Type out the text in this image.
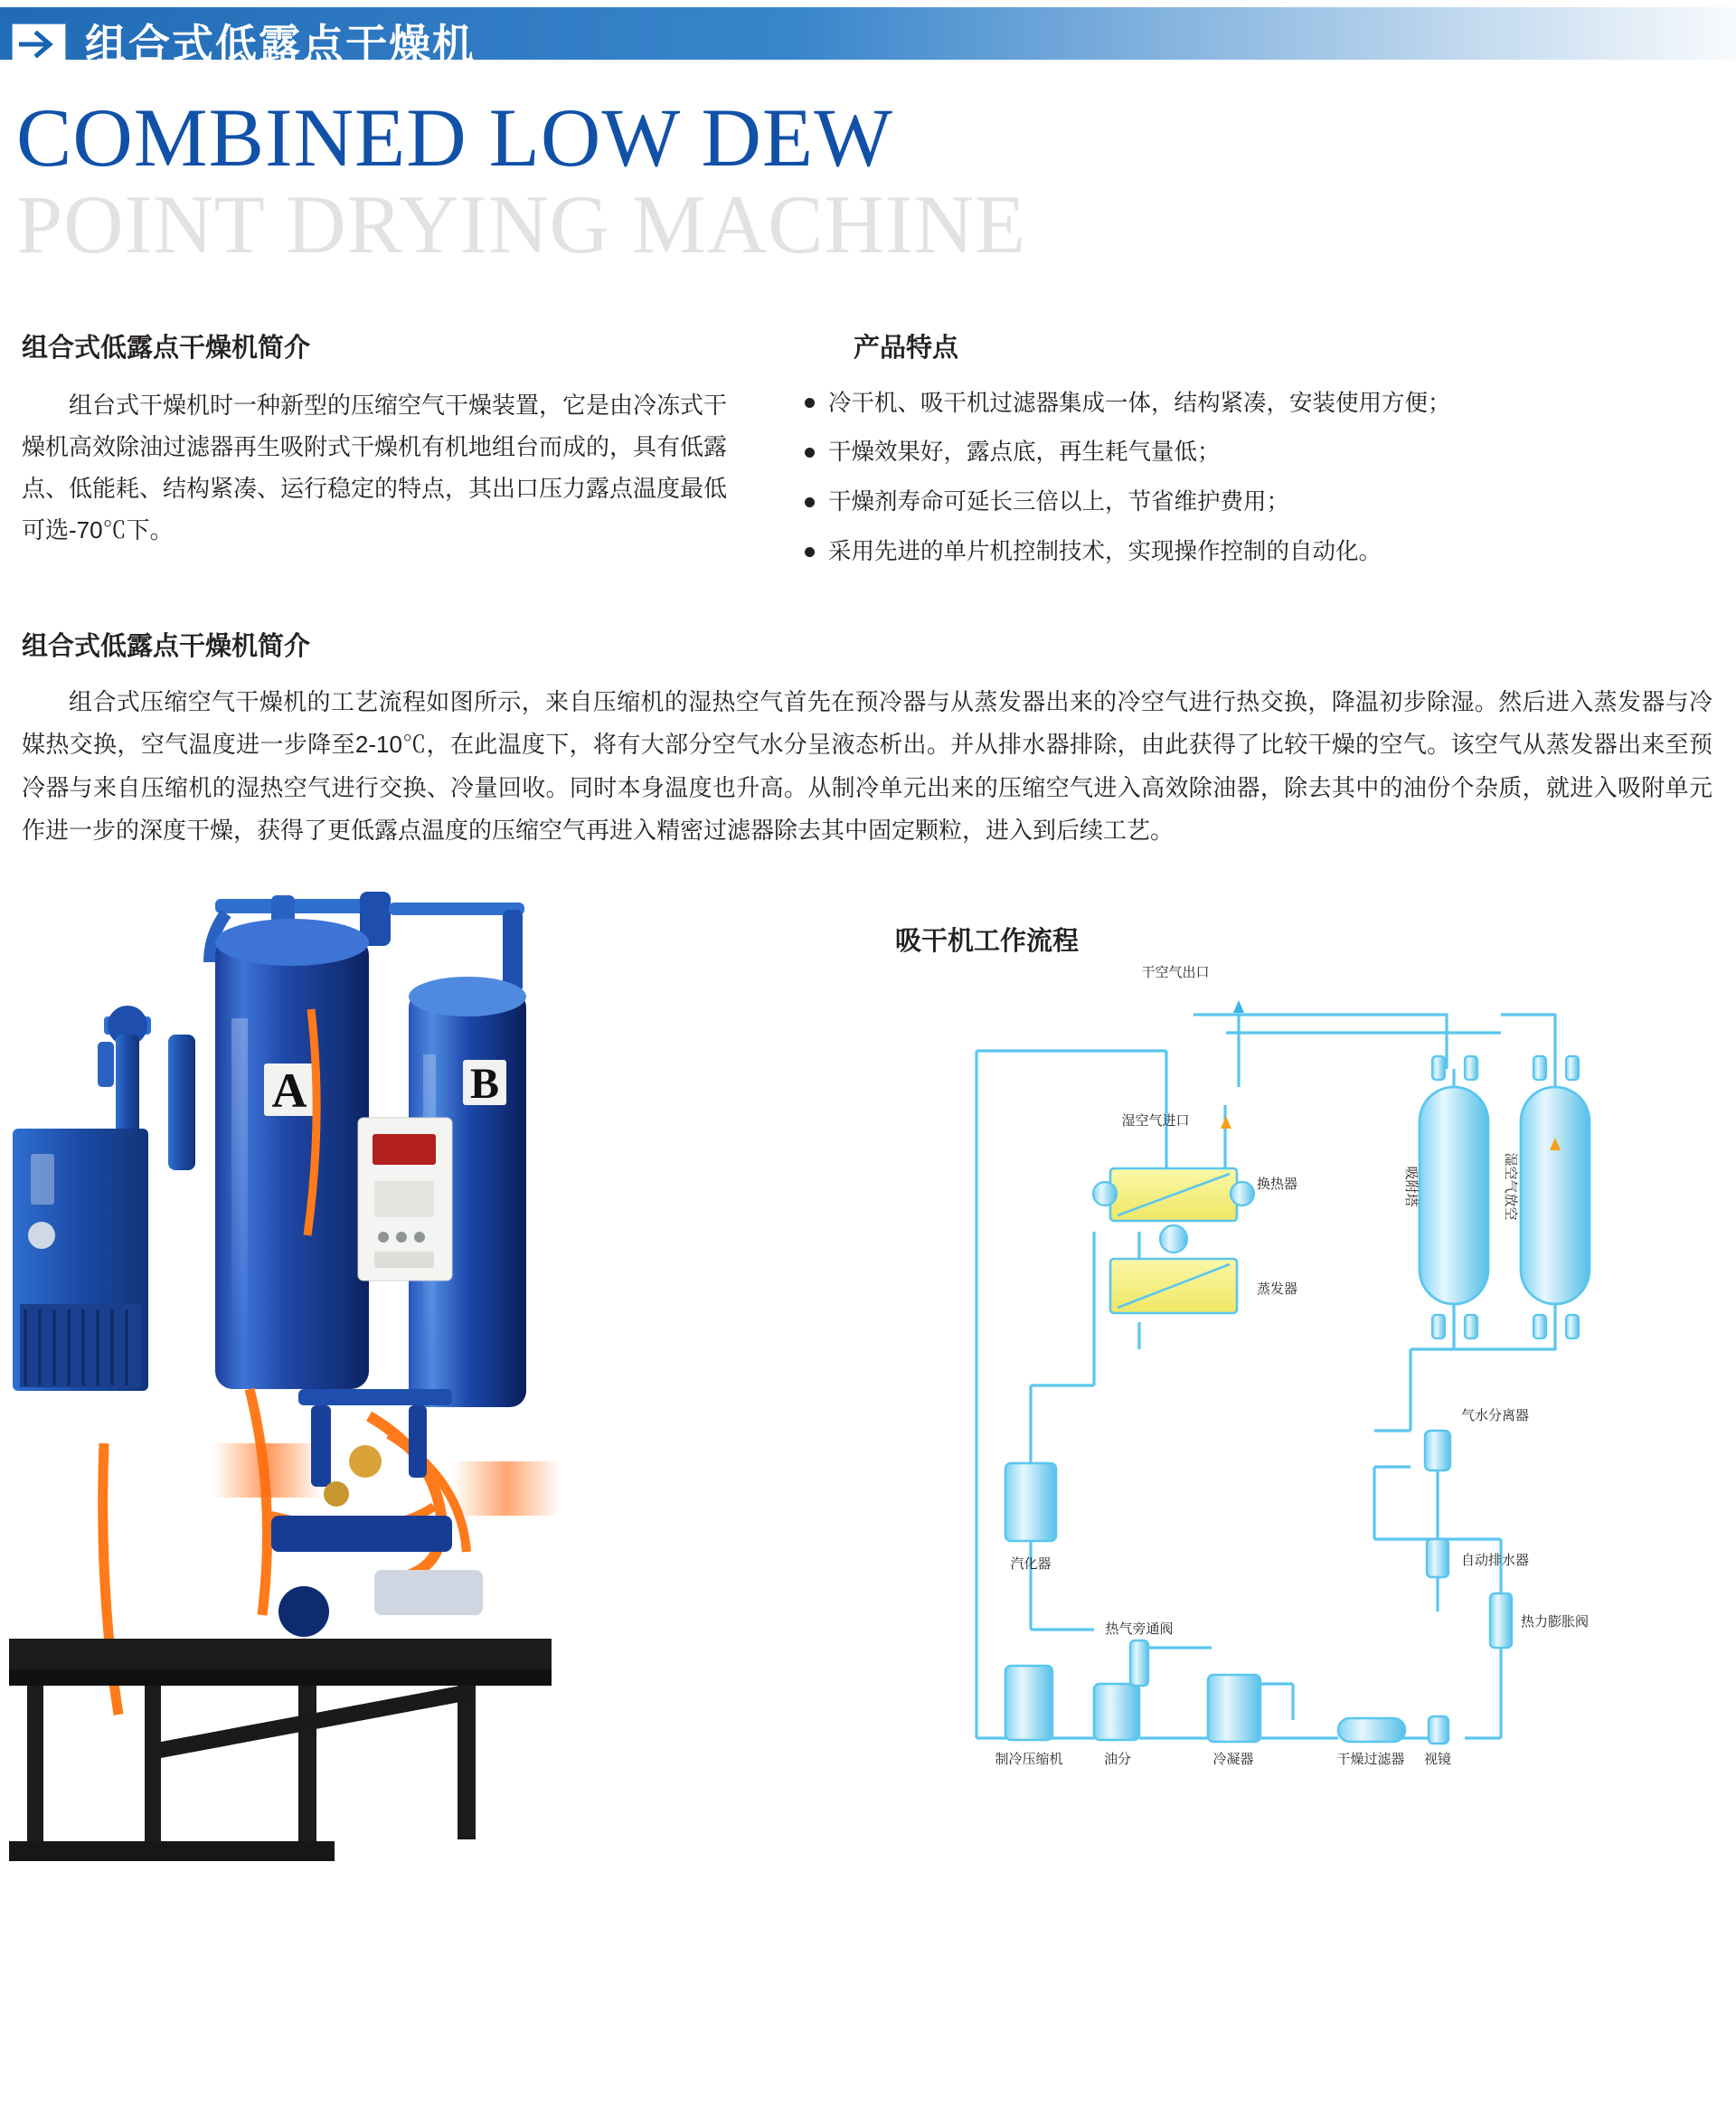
组合式低露点干燥机
COMBINED LOW DEW
POINT DRYING MACHINE
组合式低露点干燥机简介

组台式干燥机时一种新型的压缩空气干燥装置，它是由冷冻式干燥机高效除油过滤器再生吸附式干燥机有机地组台而成的，具有低露点、低能耗、结构紧凑、运行稳定的特点，其出口压力露点温度最低可选-70℃下。

产品特点
冷干机、吸干机过滤器集成一体，结构紧凑，安装使用方便；
干燥效果好，露点底，再生耗气量低；
干燥剂寿命可延长三倍以上，节省维护费用；
采用先进的单片机控制技术，实现操作控制的自动化。
组合式低露点干燥机简介

组合式压缩空气干燥机的工艺流程如图所示，来自压缩机的湿热空气首先在预冷器与从蒸发器出来的冷空气进行热交换，降温初步除湿。然后进入蒸发器与冷媒热交换，空气温度进一步降至2-10℃，在此温度下，将有大部分空气水分呈液态析出。并从排水器排除，由此获得了比较干燥的空气。该空气从蒸发器出来至预冷器与来自压缩机的湿热空气进行交换、冷量回收。同时本身温度也升高。从制冷单元出来的压缩空气进入高效除油器，除去其中的油份个杂质，就进入吸附单元作进一步的深度干燥，获得了更低露点温度的压缩空气再进入精密过滤器除去其中固定颗粒，进入到后续工艺。

A	B
吸干机工作流程
干空气出口
湿空气进口
换热器
蒸发器
汽化器
热气旁通阀
制冷压缩机	油分	冷凝器	干燥过滤器 视镜
热力膨胀阀
自动排水器
气水分离器
吸附塔	湿空气放空
